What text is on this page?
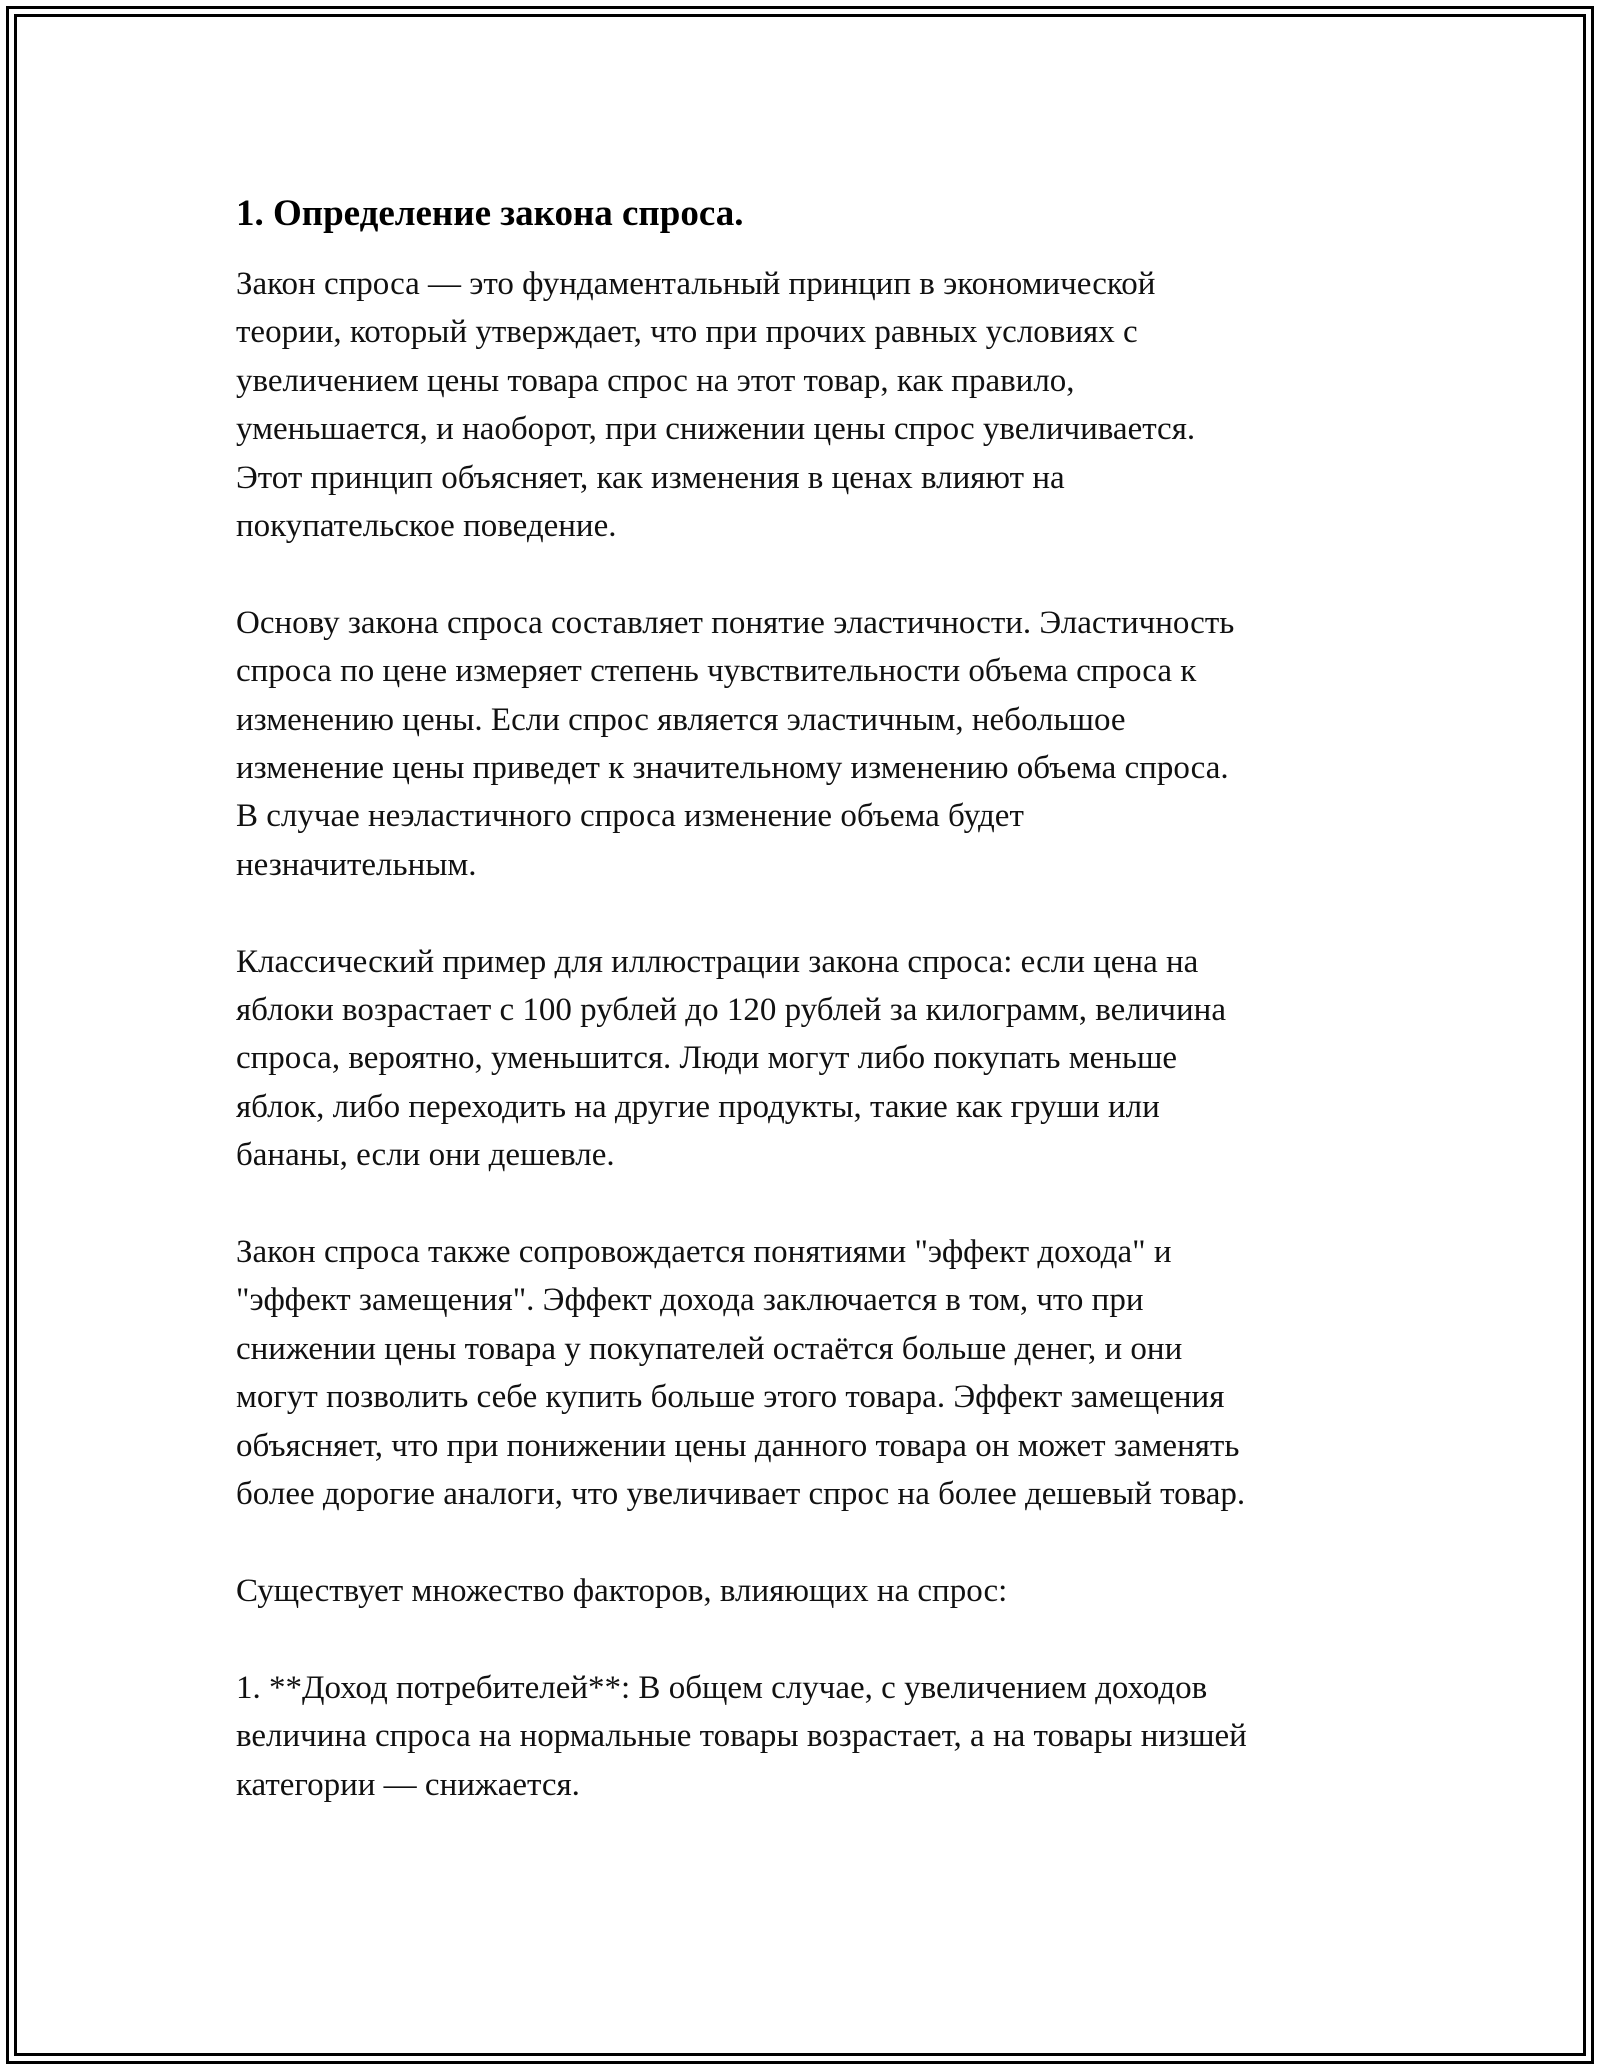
1. Определение закона спроса.
Закон спроса — это фундаментальный принцип в экономической
теории, который утверждает, что при прочих равных условиях с
увеличением цены товара спрос на этот товар, как правило,
уменьшается, и наоборот, при снижении цены спрос увеличивается.
Этот принцип объясняет, как изменения в ценах влияют на
покупательское поведение.
Основу закона спроса составляет понятие эластичности. Эластичность
спроса по цене измеряет степень чувствительности объема спроса к
изменению цены. Если спрос является эластичным, небольшое
изменение цены приведет к значительному изменению объема спроса.
В случае неэластичного спроса изменение объема будет
незначительным.
Классический пример для иллюстрации закона спроса: если цена на
яблоки возрастает с 100 рублей до 120 рублей за килограмм, величина
спроса, вероятно, уменьшится. Люди могут либо покупать меньше
яблок, либо переходить на другие продукты, такие как груши или
бананы, если они дешевле.
Закон спроса также сопровождается понятиями "эффект дохода" и
"эффект замещения". Эффект дохода заключается в том, что при
снижении цены товара у покупателей остаётся больше денег, и они
могут позволить себе купить больше этого товара. Эффект замещения
объясняет, что при понижении цены данного товара он может заменять
более дорогие аналоги, что увеличивает спрос на более дешевый товар.
Существует множество факторов, влияющих на спрос:
1. **Доход потребителей**: В общем случае, с увеличением доходов
величина спроса на нормальные товары возрастает, а на товары низшей
категории — снижается.
